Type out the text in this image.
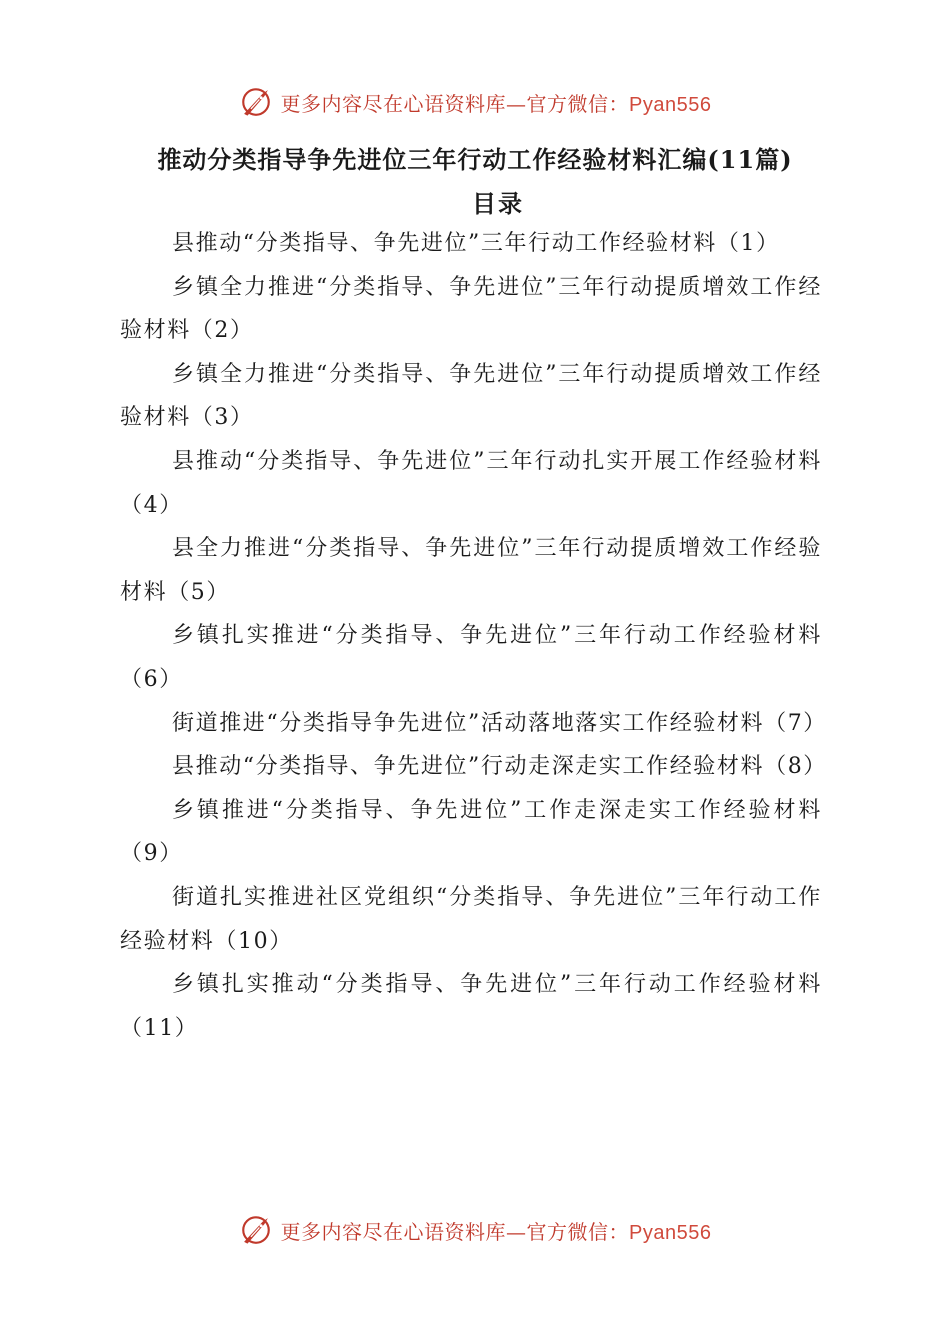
更多内容尽在心语资料库—官方微信：Pyan556
推动分类指导争先进位三年行动工作经验材料汇编(11篇)
目录
县推动“分类指导、争先进位”三年行动工作经验材料（1）
乡镇全力推进“分类指导、争先进位”三年行动提质增效工作经验材料（2）
乡镇全力推进“分类指导、争先进位”三年行动提质增效工作经验材料（3）
县推动“分类指导、争先进位”三年行动扎实开展工作经验材料（4）
县全力推进“分类指导、争先进位”三年行动提质增效工作经验材料（5）
乡镇扎实推进“分类指导、争先进位”三年行动工作经验材料（6）
街道推进“分类指导争先进位”活动落地落实工作经验材料（7）
县推动“分类指导、争先进位”行动走深走实工作经验材料（8）
乡镇推进“分类指导、争先进位”工作走深走实工作经验材料（9）
街道扎实推进社区党组织“分类指导、争先进位”三年行动工作经验材料（10）
乡镇扎实推动“分类指导、争先进位”三年行动工作经验材料（11）
更多内容尽在心语资料库—官方微信：Pyan556
